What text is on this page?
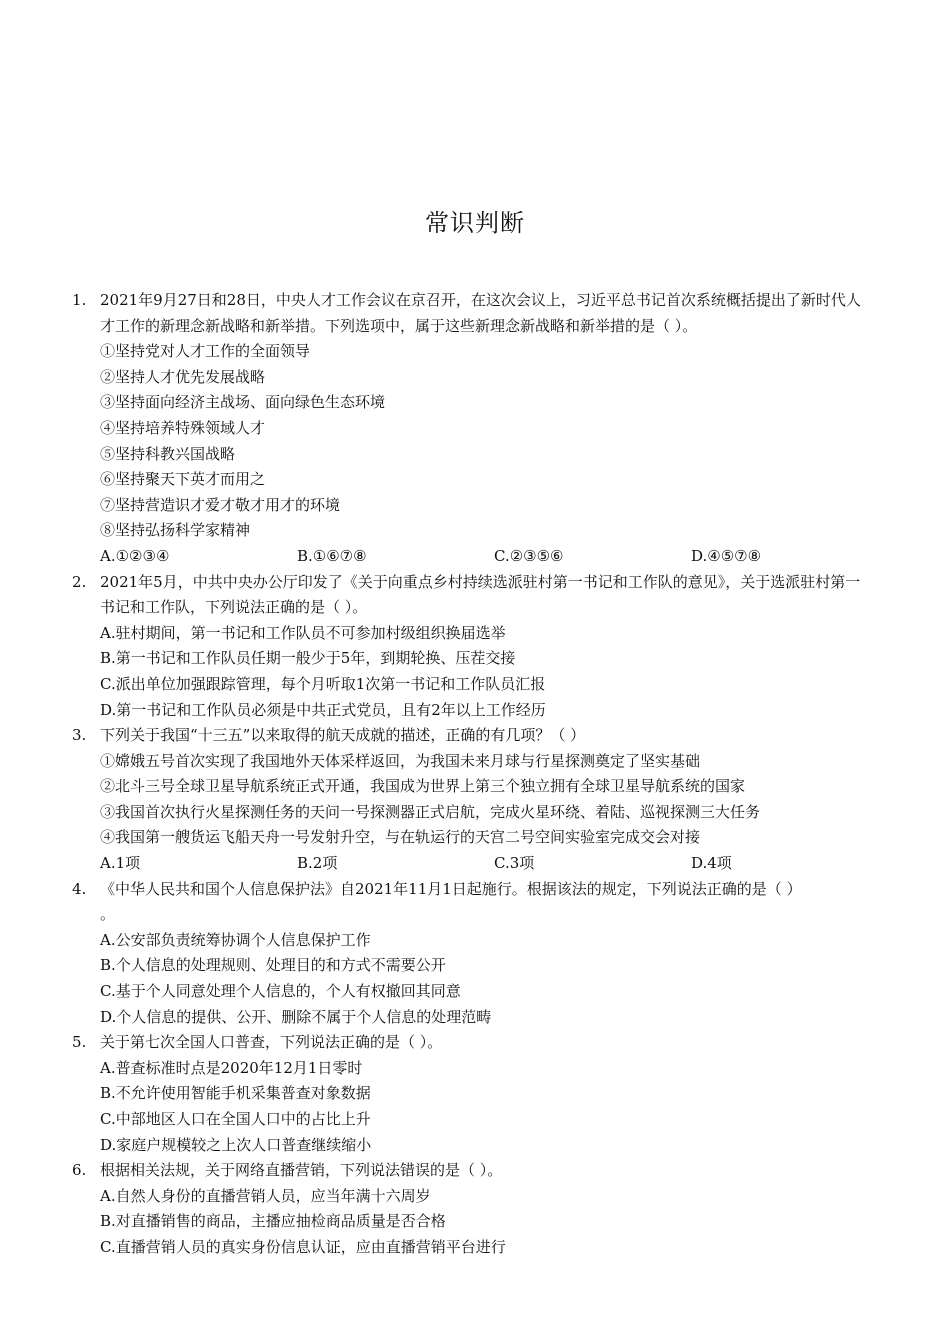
常识判断
1. 2021年9月27日和28日，中央人才工作会议在京召开，在这次会议上，习近平总书记首次系统概括提出了新时代人才工作的新理念新战略和新举措。下列选项中，属于这些新理念新战略和新举措的是（ ）。
①坚持党对人才工作的全面领导
②坚持人才优先发展战略
③坚持面向经济主战场、面向绿色生态环境
④坚持培养特殊领域人才
⑤坚持科教兴国战略
⑥坚持聚天下英才而用之
⑦坚持营造识才爱才敬才用才的环境
⑧坚持弘扬科学家精神
A.①②③④	B.①⑥⑦⑧	C.②③⑤⑥	D.④⑤⑦⑧
2. 2021年5月，中共中央办公厅印发了《关于向重点乡村持续选派驻村第一书记和工作队的意见》，关于选派驻村第一书记和工作队，下列说法正确的是（ ）。
A.驻村期间，第一书记和工作队员不可参加村级组织换届选举
B.第一书记和工作队员任期一般少于5年，到期轮换、压茬交接
C.派出单位加强跟踪管理，每个月听取1次第一书记和工作队员汇报
D.第一书记和工作队员必须是中共正式党员，且有2年以上工作经历
3. 下列关于我国“十三五”以来取得的航天成就的描述，正确的有几项？（ ）
①嫦娥五号首次实现了我国地外天体采样返回，为我国未来月球与行星探测奠定了坚实基础
②北斗三号全球卫星导航系统正式开通，我国成为世界上第三个独立拥有全球卫星导航系统的国家
③我国首次执行火星探测任务的天问一号探测器正式启航，完成火星环绕、着陆、巡视探测三大任务
④我国第一艘货运飞船天舟一号发射升空，与在轨运行的天宫二号空间实验室完成交会对接
A.1项	B.2项	C.3项	D.4项
4. 《中华人民共和国个人信息保护法》自2021年11月1日起施行。根据该法的规定，下列说法正确的是（ ）
。
A.公安部负责统筹协调个人信息保护工作
B.个人信息的处理规则、处理目的和方式不需要公开
C.基于个人同意处理个人信息的，个人有权撤回其同意
D.个人信息的提供、公开、删除不属于个人信息的处理范畴
5. 关于第七次全国人口普查，下列说法正确的是（ ）。
A.普查标准时点是2020年12月1日零时
B.不允许使用智能手机采集普查对象数据
C.中部地区人口在全国人口中的占比上升
D.家庭户规模较之上次人口普查继续缩小
6. 根据相关法规，关于网络直播营销，下列说法错误的是（ ）。
A.自然人身份的直播营销人员，应当年满十六周岁
B.对直播销售的商品，主播应抽检商品质量是否合格
C.直播营销人员的真实身份信息认证，应由直播营销平台进行
